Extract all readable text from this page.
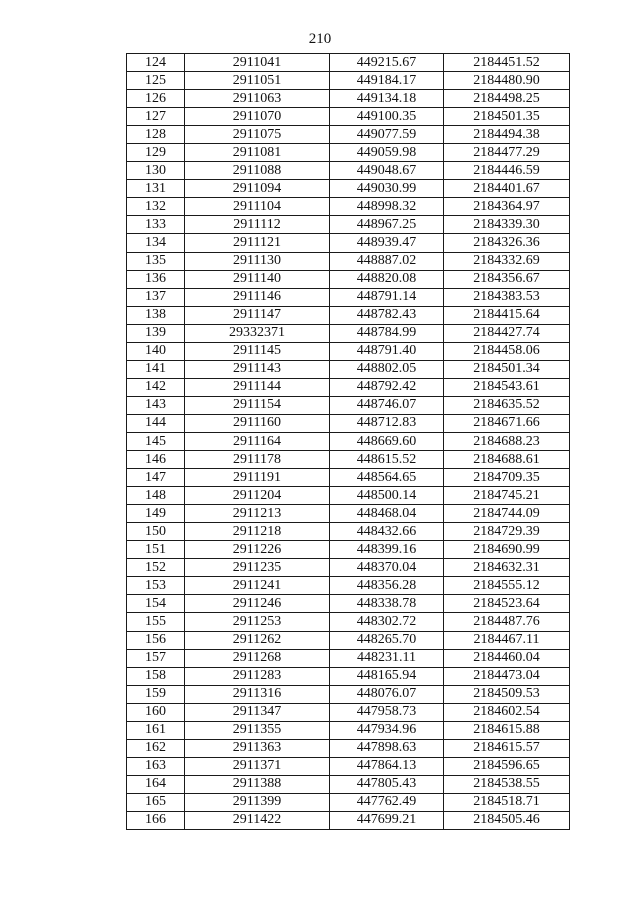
210
124	2911041	449215.67	2184451.52
125	2911051	449184.17	2184480.90
126	2911063	449134.18	2184498.25
127	2911070	449100.35	2184501.35
128	2911075	449077.59	2184494.38
129	2911081	449059.98	2184477.29
130	2911088	449048.67	2184446.59
131	2911094	449030.99	2184401.67
132	2911104	448998.32	2184364.97
133	2911112	448967.25	2184339.30
134	2911121	448939.47	2184326.36
135	2911130	448887.02	2184332.69
136	2911140	448820.08	2184356.67
137	2911146	448791.14	2184383.53
138	2911147	448782.43	2184415.64
139	29332371	448784.99	2184427.74
140	2911145	448791.40	2184458.06
141	2911143	448802.05	2184501.34
142	2911144	448792.42	2184543.61
143	2911154	448746.07	2184635.52
144	2911160	448712.83	2184671.66
145	2911164	448669.60	2184688.23
146	2911178	448615.52	2184688.61
147	2911191	448564.65	2184709.35
148	2911204	448500.14	2184745.21
149	2911213	448468.04	2184744.09
150	2911218	448432.66	2184729.39
151	2911226	448399.16	2184690.99
152	2911235	448370.04	2184632.31
153	2911241	448356.28	2184555.12
154	2911246	448338.78	2184523.64
155	2911253	448302.72	2184487.76
156	2911262	448265.70	2184467.11
157	2911268	448231.11	2184460.04
158	2911283	448165.94	2184473.04
159	2911316	448076.07	2184509.53
160	2911347	447958.73	2184602.54
161	2911355	447934.96	2184615.88
162	2911363	447898.63	2184615.57
163	2911371	447864.13	2184596.65
164	2911388	447805.43	2184538.55
165	2911399	447762.49	2184518.71
166	2911422	447699.21	2184505.46
